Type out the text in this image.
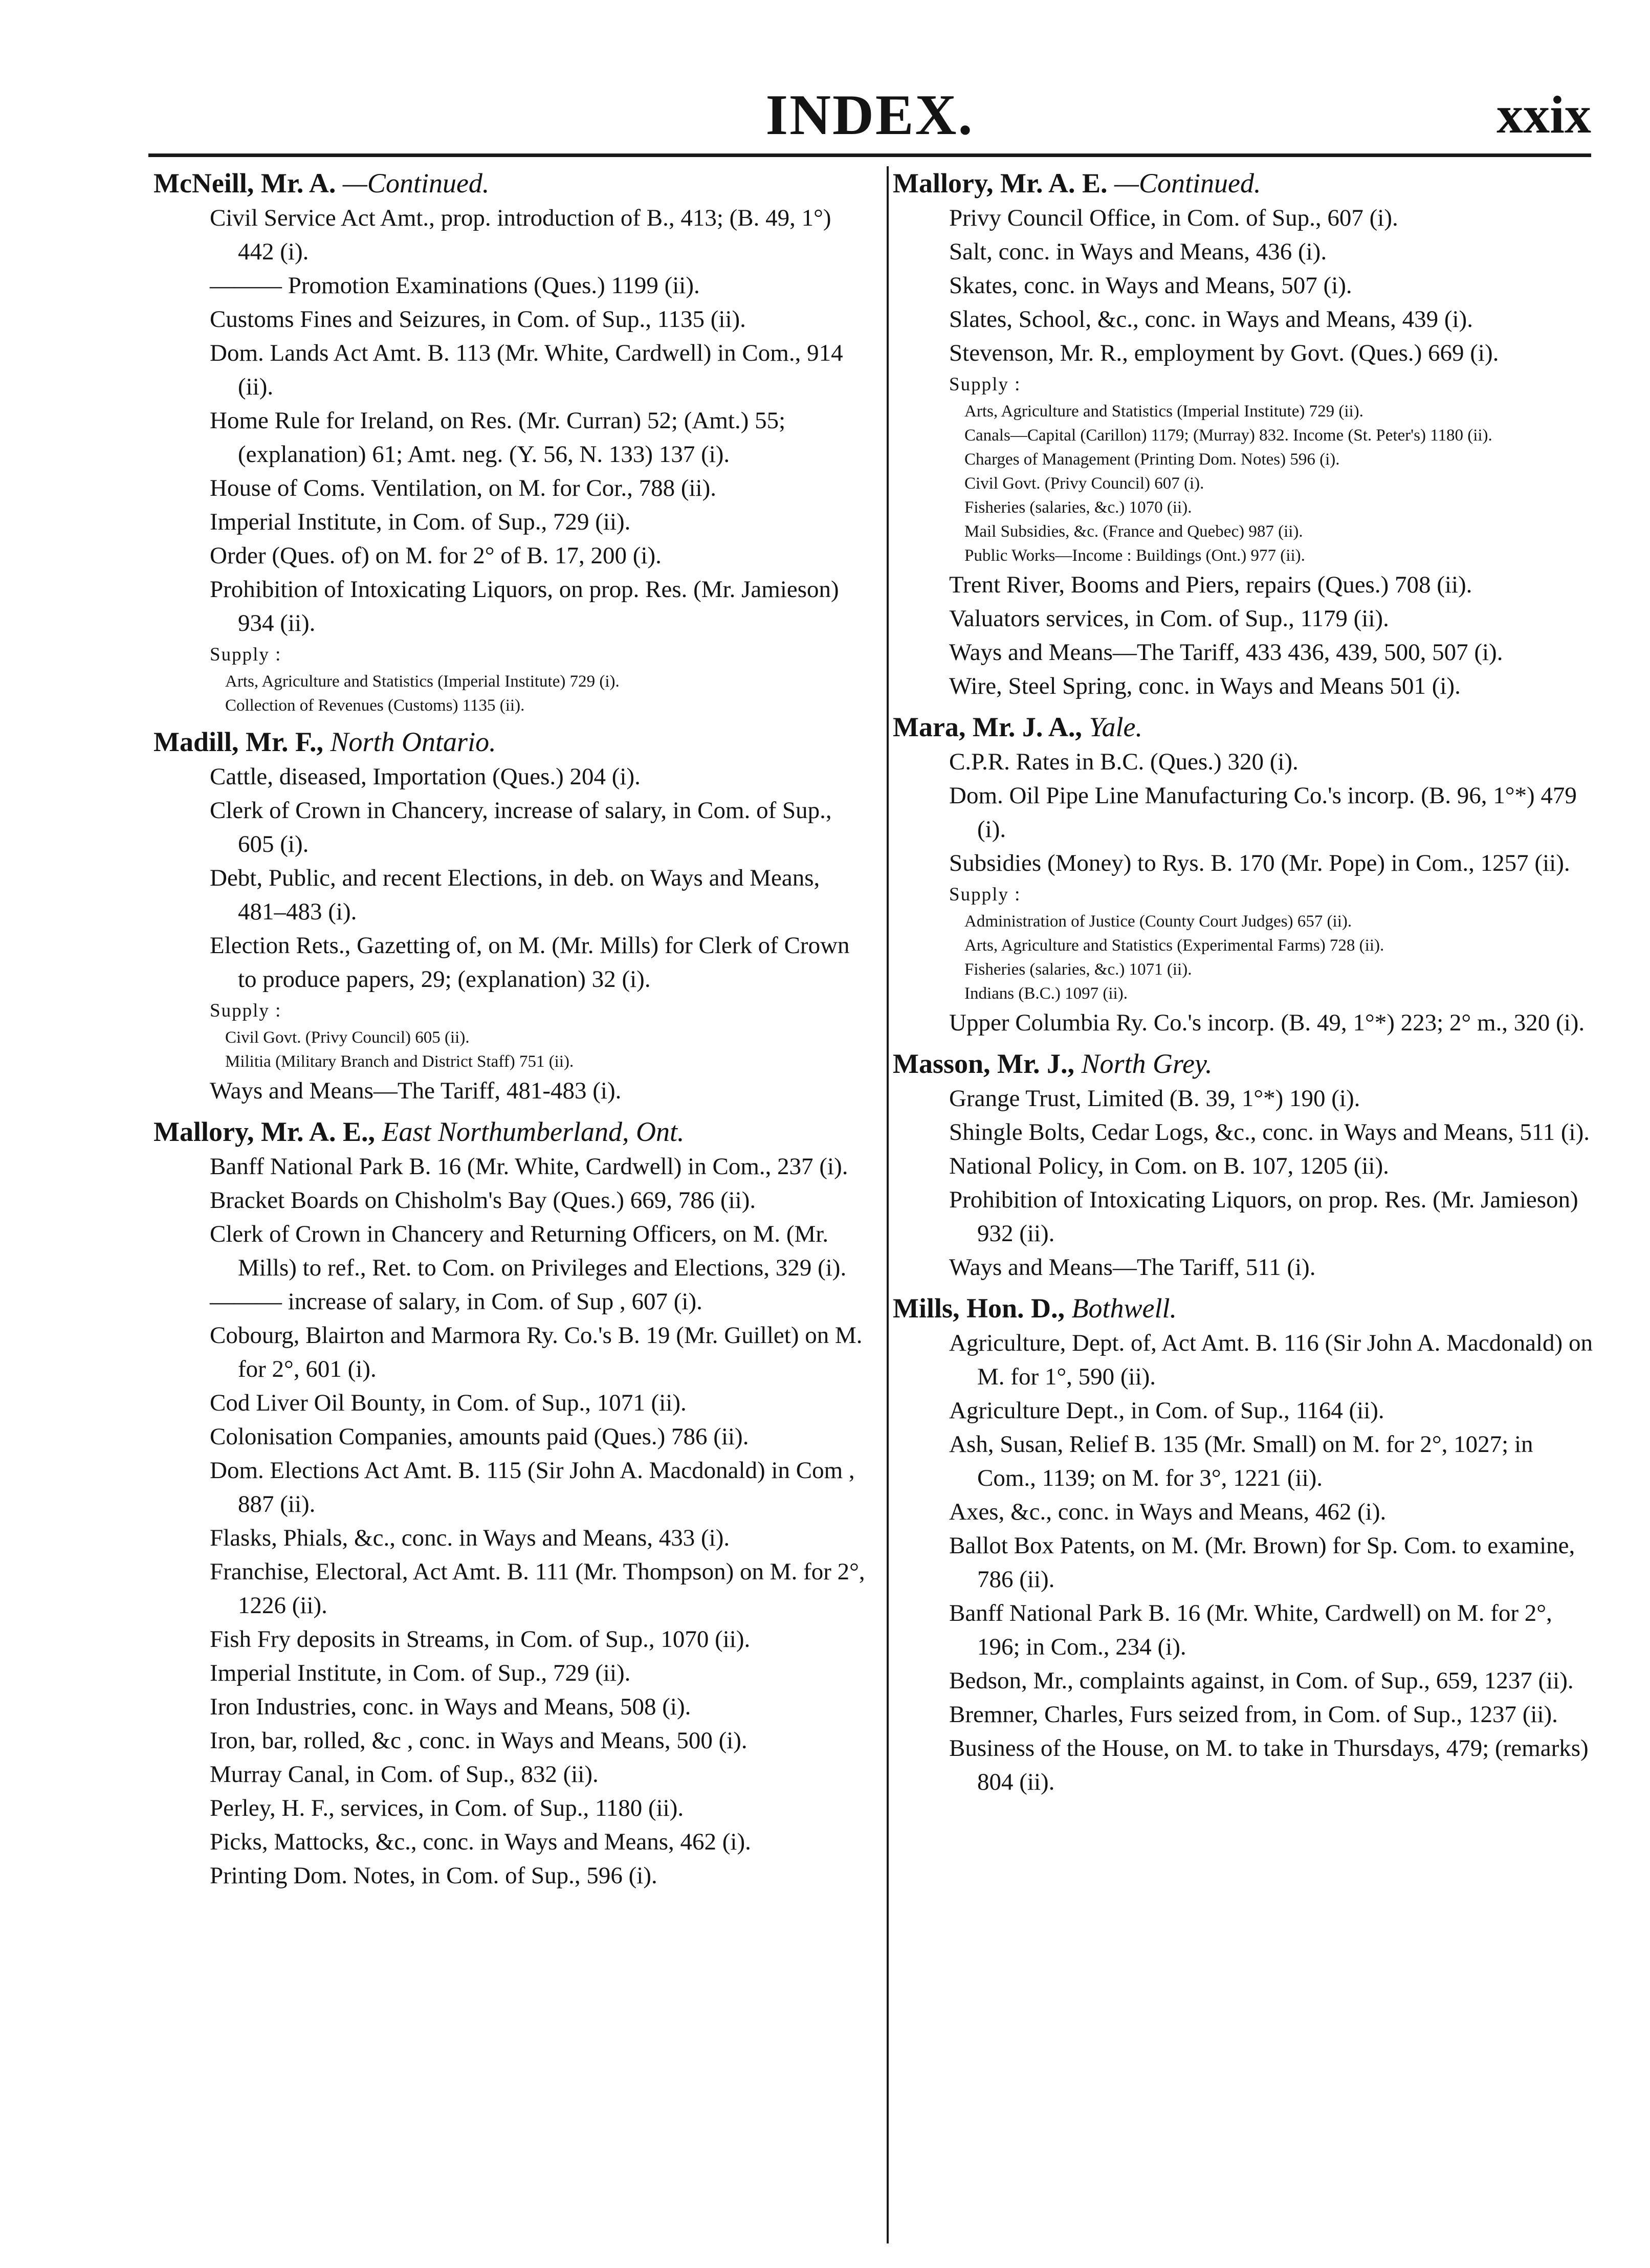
INDEX.	xxix
McNeill, Mr. A. —Continued.
Civil Service Act Amt., prop. introduction of B., 413; (B. 49, 1°) 442 (i).
——— Promotion Examinations (Ques.) 1199 (ii).
Customs Fines and Seizures, in Com. of Sup., 1135 (ii).
Dom. Lands Act Amt. B. 113 (Mr. White, Cardwell) in Com., 914 (ii).
Home Rule for Ireland, on Res. (Mr. Curran) 52; (Amt.) 55; (explanation) 61; Amt. neg. (Y. 56, N. 133) 137 (i).
House of Coms. Ventilation, on M. for Cor., 788 (ii).
Imperial Institute, in Com. of Sup., 729 (ii).
Order (Ques. of) on M. for 2° of B. 17, 200 (i).
Prohibition of Intoxicating Liquors, on prop. Res. (Mr. Jamieson) 934 (ii).
Supply :
Arts, Agriculture and Statistics (Imperial Institute) 729 (i).
Collection of Revenues (Customs) 1135 (ii).
Madill, Mr. F., North Ontario.
Cattle, diseased, Importation (Ques.) 204 (i).
Clerk of Crown in Chancery, increase of salary, in Com. of Sup., 605 (i).
Debt, Public, and recent Elections, in deb. on Ways and Means, 481–483 (i).
Election Rets., Gazetting of, on M. (Mr. Mills) for Clerk of Crown to produce papers, 29; (explanation) 32 (i).
Supply :
Civil Govt. (Privy Council) 605 (ii).
Militia (Military Branch and District Staff) 751 (ii).
Ways and Means—The Tariff, 481-483 (i).
Mallory, Mr. A. E., East Northumberland, Ont.
Banff National Park B. 16 (Mr. White, Cardwell) in Com., 237 (i).
Bracket Boards on Chisholm's Bay (Ques.) 669, 786 (ii).
Clerk of Crown in Chancery and Returning Officers, on M. (Mr. Mills) to ref., Ret. to Com. on Privileges and Elections, 329 (i).
——— increase of salary, in Com. of Sup , 607 (i).
Cobourg, Blairton and Marmora Ry. Co.'s B. 19 (Mr. Guillet) on M. for 2°, 601 (i).
Cod Liver Oil Bounty, in Com. of Sup., 1071 (ii).
Colonisation Companies, amounts paid (Ques.) 786 (ii).
Dom. Elections Act Amt. B. 115 (Sir John A. Macdonald) in Com , 887 (ii).
Flasks, Phials, &c., conc. in Ways and Means, 433 (i).
Franchise, Electoral, Act Amt. B. 111 (Mr. Thompson) on M. for 2°, 1226 (ii).
Fish Fry deposits in Streams, in Com. of Sup., 1070 (ii).
Imperial Institute, in Com. of Sup., 729 (ii).
Iron Industries, conc. in Ways and Means, 508 (i).
Iron, bar, rolled, &c , conc. in Ways and Means, 500 (i).
Murray Canal, in Com. of Sup., 832 (ii).
Perley, H. F., services, in Com. of Sup., 1180 (ii).
Picks, Mattocks, &c., conc. in Ways and Means, 462 (i).
Printing Dom. Notes, in Com. of Sup., 596 (i).
Mallory, Mr. A. E. —Continued.
Privy Council Office, in Com. of Sup., 607 (i).
Salt, conc. in Ways and Means, 436 (i).
Skates, conc. in Ways and Means, 507 (i).
Slates, School, &c., conc. in Ways and Means, 439 (i).
Stevenson, Mr. R., employment by Govt. (Ques.) 669 (i).
Supply :
Arts, Agriculture and Statistics (Imperial Institute) 729 (ii).
Canals—Capital (Carillon) 1179; (Murray) 832. Income (St. Peter's) 1180 (ii).
Charges of Management (Printing Dom. Notes) 596 (i).
Civil Govt. (Privy Council) 607 (i).
Fisheries (salaries, &c.) 1070 (ii).
Mail Subsidies, &c. (France and Quebec) 987 (ii).
Public Works—Income : Buildings (Ont.) 977 (ii).
Trent River, Booms and Piers, repairs (Ques.) 708 (ii).
Valuators services, in Com. of Sup., 1179 (ii).
Ways and Means—The Tariff, 433 436, 439, 500, 507 (i).
Wire, Steel Spring, conc. in Ways and Means 501 (i).
Mara, Mr. J. A., Yale.
C.P.R. Rates in B.C. (Ques.) 320 (i).
Dom. Oil Pipe Line Manufacturing Co.'s incorp. (B. 96, 1°*) 479 (i).
Subsidies (Money) to Rys. B. 170 (Mr. Pope) in Com., 1257 (ii).
Supply :
Administration of Justice (County Court Judges) 657 (ii).
Arts, Agriculture and Statistics (Experimental Farms) 728 (ii).
Fisheries (salaries, &c.) 1071 (ii).
Indians (B.C.) 1097 (ii).
Upper Columbia Ry. Co.'s incorp. (B. 49, 1°*) 223; 2° m., 320 (i).
Masson, Mr. J., North Grey.
Grange Trust, Limited (B. 39, 1°*) 190 (i).
Shingle Bolts, Cedar Logs, &c., conc. in Ways and Means, 511 (i).
National Policy, in Com. on B. 107, 1205 (ii).
Prohibition of Intoxicating Liquors, on prop. Res. (Mr. Jamieson) 932 (ii).
Ways and Means—The Tariff, 511 (i).
Mills, Hon. D., Bothwell.
Agriculture, Dept. of, Act Amt. B. 116 (Sir John A. Macdonald) on M. for 1°, 590 (ii).
Agriculture Dept., in Com. of Sup., 1164 (ii).
Ash, Susan, Relief B. 135 (Mr. Small) on M. for 2°, 1027; in Com., 1139; on M. for 3°, 1221 (ii).
Axes, &c., conc. in Ways and Means, 462 (i).
Ballot Box Patents, on M. (Mr. Brown) for Sp. Com. to examine, 786 (ii).
Banff National Park B. 16 (Mr. White, Cardwell) on M. for 2°, 196; in Com., 234 (i).
Bedson, Mr., complaints against, in Com. of Sup., 659, 1237 (ii).
Bremner, Charles, Furs seized from, in Com. of Sup., 1237 (ii).
Business of the House, on M. to take in Thursdays, 479; (remarks) 804 (ii).
